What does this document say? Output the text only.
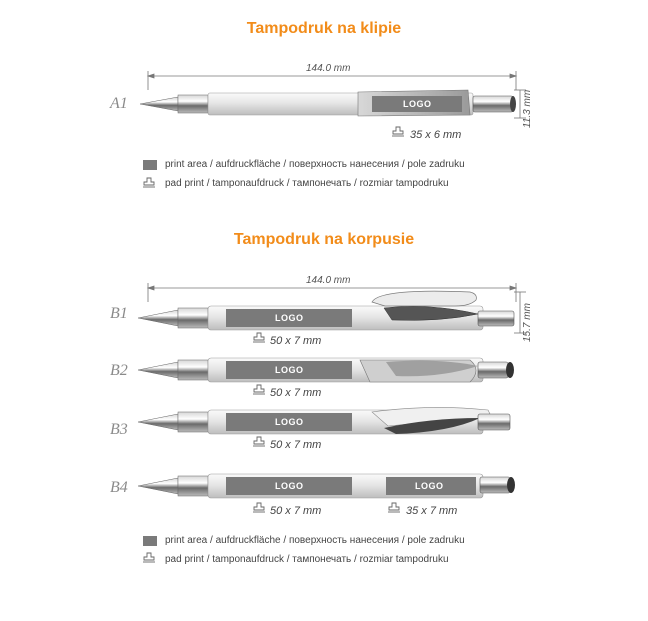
Tampodruk na klipie
Tampodruk na korpusie
144.0 mm
11.3 mm
144.0 mm
15.7 mm
A1
B1
B2
B3
B4
LOGO
LOGO
LOGO
LOGO
LOGO	LOGO
35 x 6 mm
50 x 7 mm
50 x 7 mm
50 x 7 mm
50 x 7 mm	35 x 7 mm
print area / aufdruckfläche / поверхность нанесения / pole zadruku
pad print / tamponaufdruck / тампонечать / rozmiar tampodruku
print area / aufdruckfläche / поверхность нанесения / pole zadruku
pad print / tamponaufdruck / тампонечать / rozmiar tampodruku
